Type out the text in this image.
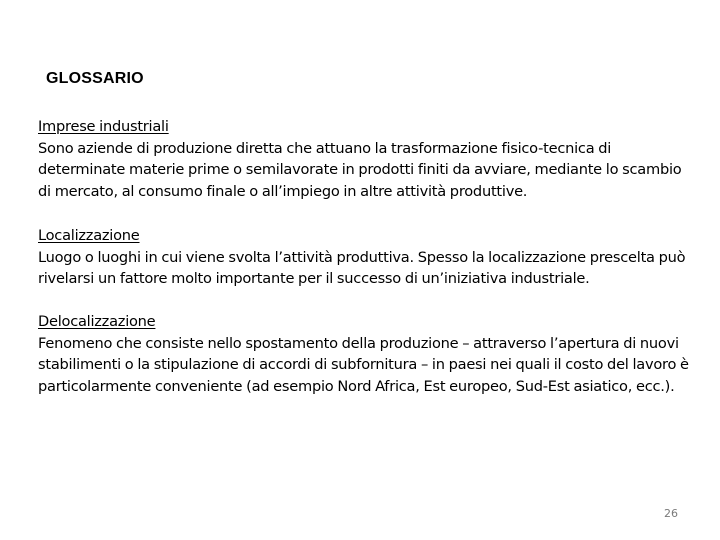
GLOSSARIO
Imprese industriali
Sono aziende di produzione diretta che attuano la trasformazione fisico-tecnica di determinate materie prime o semilavorate in prodotti finiti da avviare, mediante lo scambio di mercato, al consumo finale o all’impiego in altre attività produttive.
Localizzazione
Luogo o luoghi in cui viene svolta l’attività produttiva. Spesso la localizzazione prescelta può rivelarsi un fattore molto importante per il successo di un’iniziativa industriale.
Delocalizzazione
Fenomeno che consiste nello spostamento della produzione – attraverso l’apertura di nuovi stabilimenti o la stipulazione di accordi di subfornitura – in paesi nei quali il costo del lavoro è particolarmente conveniente (ad esempio Nord Africa, Est europeo, Sud-Est asiatico, ecc.).
26
